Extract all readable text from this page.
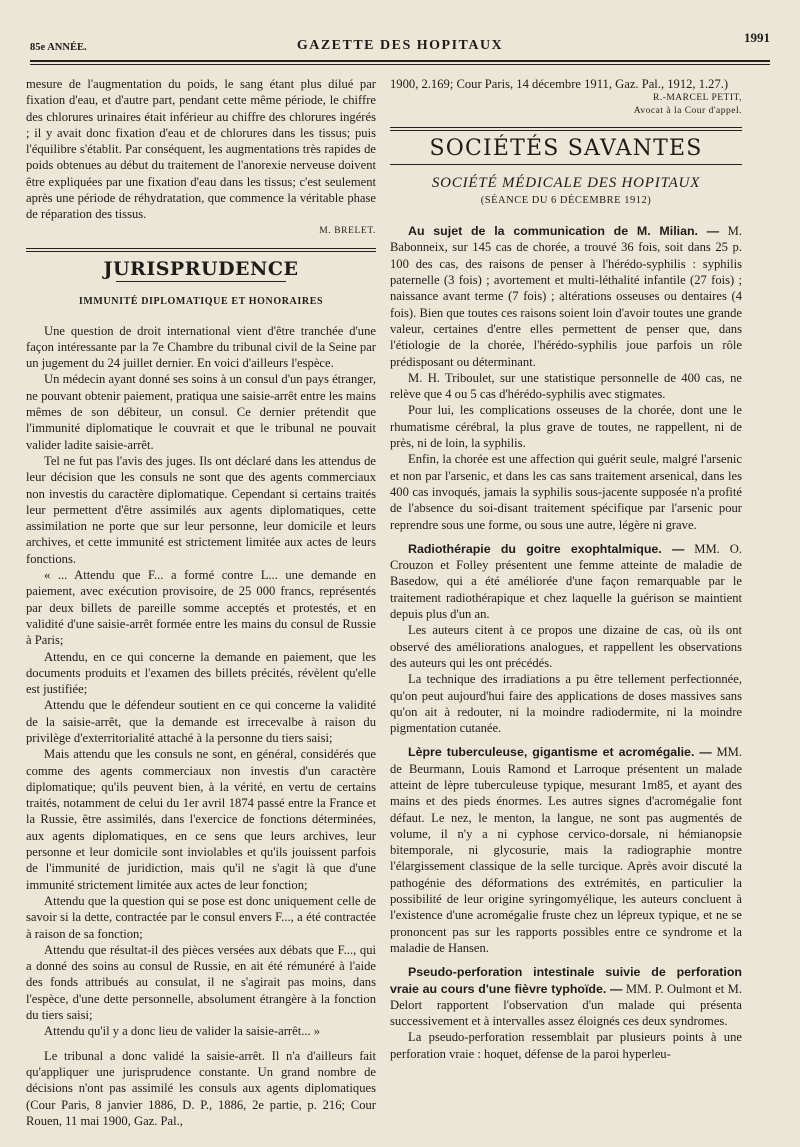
85e ANNÉE.	GAZETTE DES HOPITAUX
1991

mesure de l'augmentation du poids, le sang étant plus dilué par fixation d'eau, et d'autre part, pendant cette même période, le chiffre des chlorures urinaires était inférieur au chiffre des chlorures ingérés ; il y avait donc fixation d'eau et de chlorures dans les tissus; puis l'équilibre s'établit. Par conséquent, les augmentations très rapides de poids obtenues au début du traitement de l'anorexie nerveuse doivent être expliquées par une fixation d'eau dans les tissus; c'est seulement après une période de réhydratation, que commence la véritable phase de réparation des tissus.

M. BRELET.
JURISPRUDENCE
IMMUNITÉ DIPLOMATIQUE ET HONORAIRES

Une question de droit international vient d'être tranchée d'une façon intéressante par la 7e Chambre du tribunal civil de la Seine par un jugement du 24 juillet dernier. En voici d'ailleurs l'espèce.

Un médecin ayant donné ses soins à un consul d'un pays étranger, ne pouvant obtenir paiement, pratiqua une saisie-arrêt entre les mains mêmes de son débiteur, un consul. Ce dernier prétendit que l'immunité diplomatique le couvrait et que le tribunal ne pouvait valider ladite saisie-arrêt.

Tel ne fut pas l'avis des juges. Ils ont déclaré dans les attendus de leur décision que les consuls ne sont que des agents commerciaux non investis du caractère diplomatique. Cependant si certains traités leur permettent d'être assimilés aux agents diplomatiques, cette assimilation ne porte que sur leur personne, leur domicile et leurs archives, et cette immunité est strictement limitée aux actes de leurs fonctions.

« ... Attendu que F... a formé contre L... une demande en paiement, avec exécution provisoire, de 25 000 francs, représentés par deux billets de pareille somme acceptés et protestés, et en validité d'une saisie-arrêt formée entre les mains du consul de Russie à Paris;

Attendu, en ce qui concerne la demande en paiement, que les documents produits et l'examen des billets précités, révèlent qu'elle est justifiée;

Attendu que le défendeur soutient en ce qui concerne la validité de la saisie-arrêt, que la demande est irrecevalbe à raison du privilège d'exterritorialité attaché à la personne du tiers saisi;

Mais attendu que les consuls ne sont, en général, considérés que comme des agents commerciaux non investis d'un caractère diplomatique; qu'ils peuvent bien, à la vérité, en vertu de certains traités, notamment de celui du 1er avril 1874 passé entre la France et la Russie, être assimilés, dans l'exercice de fonctions déterminées, aux agents diplomatiques, en ce sens que leurs archives, leur personne et leur domicile sont inviolables et qu'ils jouissent parfois de l'immunité de juridiction, mais qu'il ne s'agit là que d'une immunité strictement limitée aux actes de leur fonction;

Attendu que la question qui se pose est donc uniquement celle de savoir si la dette, contractée par le consul envers F..., a été contractée à raison de sa fonction;

Attendu que résultat-il des pièces versées aux débats que F..., qui a donné des soins au consul de Russie, en ait été rémunéré à l'aide des fonds attribués au consulat, il ne s'agirait pas moins, dans l'espèce, d'une dette personnelle, absolument étrangère à la fonction du tiers saisi;

Attendu qu'il y a donc lieu de valider la saisie-arrêt... »

Le tribunal a donc validé la saisie-arrêt. Il n'a d'ailleurs fait qu'appliquer une jurisprudence constante. Un grand nombre de décisions n'ont pas assimilé les consuls aux agents diplomatiques (Cour Paris, 8 janvier 1886, D. P., 1886, 2e partie, p. 216; Cour Rouen, 11 mai 1900, Gaz. Pal.,

1900, 2.169; Cour Paris, 14 décembre 1911, Gaz. Pal., 1912, 1.27.)

R.-MARCEL PETIT,
Avocat à la Cour d'appel.
SOCIÉTÉS SAVANTES
SOCIÉTÉ MÉDICALE DES HOPITAUX
(SÉANCE DU 6 DÉCEMBRE 1912)

Au sujet de la communication de M. Milian. — M. Babonneix, sur 145 cas de chorée, a trouvé 36 fois, soit dans 25 p. 100 des cas, des raisons de penser à l'hérédo-syphilis : syphilis paternelle (3 fois) ; avortement et multi-léthalité infantile (27 fois) ; naissance avant terme (7 fois) ; altérations osseuses ou dentaires (4 fois). Bien que toutes ces raisons soient loin d'avoir toutes une grande valeur, certaines d'entre elles permettent de penser que, dans l'étiologie de la chorée, l'hérédo-syphilis joue parfois un rôle prédisposant ou déterminant.

M. H. Triboulet, sur une statistique personnelle de 400 cas, ne relève que 4 ou 5 cas d'hérédo-syphilis avec stigmates.

Pour lui, les complications osseuses de la chorée, dont une le rhumatisme cérébral, la plus grave de toutes, ne rappellent, ni de près, ni de loin, la syphilis.

Enfin, la chorée est une affection qui guérit seule, malgré l'arsenic et non par l'arsenic, et dans les cas sans traitement arsenical, dans les 400 cas invoqués, jamais la syphilis sous-jacente supposée n'a profité de l'absence du soi-disant traitement spécifique par l'arsenic pour reprendre sous une forme, ou sous une autre, légère ni grave.

Radiothérapie du goitre exophtalmique. — MM. O. Crouzon et Folley présentent une femme atteinte de maladie de Basedow, qui a été améliorée d'une façon remarquable par le traitement radiothérapique et chez laquelle la guérison se maintient depuis plus d'un an.

Les auteurs citent à ce propos une dizaine de cas, où ils ont observé des améliorations analogues, et rappellent les observations des auteurs qui les ont précédés.

La technique des irradiations a pu être tellement perfectionnée, qu'on peut aujourd'hui faire des applications de doses massives sans qu'on ait à redouter, ni la moindre radiodermite, ni la moindre pigmentation cutanée.

Lèpre tuberculeuse, gigantisme et acromégalie. — MM. de Beurmann, Louis Ramond et Larroque présentent un malade atteint de lèpre tuberculeuse typique, mesurant 1m85, et ayant des mains et des pieds énormes. Les autres signes d'acromégalie font défaut. Le nez, le menton, la langue, ne sont pas augmentés de volume, il n'y a ni cyphose cervico-dorsale, ni hémianopsie bitemporale, ni glycosurie, mais la radiographie montre l'élargissement classique de la selle turcique. Après avoir discuté la pathogénie des déformations des extrémités, en particulier la possibilité de leur origine syringomyélique, les auteurs concluent à l'existence d'une acromégalie fruste chez un lépreux typique, et ne se prononcent pas sur les rapports possibles entre ce syndrome et la maladie de Hansen.

Pseudo-perforation intestinale suivie de perforation vraie au cours d'une fièvre typhoïde. — MM. P. Oulmont et M. Delort rapportent l'observation d'un malade qui présenta successivement et à intervalles assez éloignés ces deux syndromes.

La pseudo-perforation ressemblait par plusieurs points à une perforation vraie : hoquet, défense de la paroi hyperleu-
